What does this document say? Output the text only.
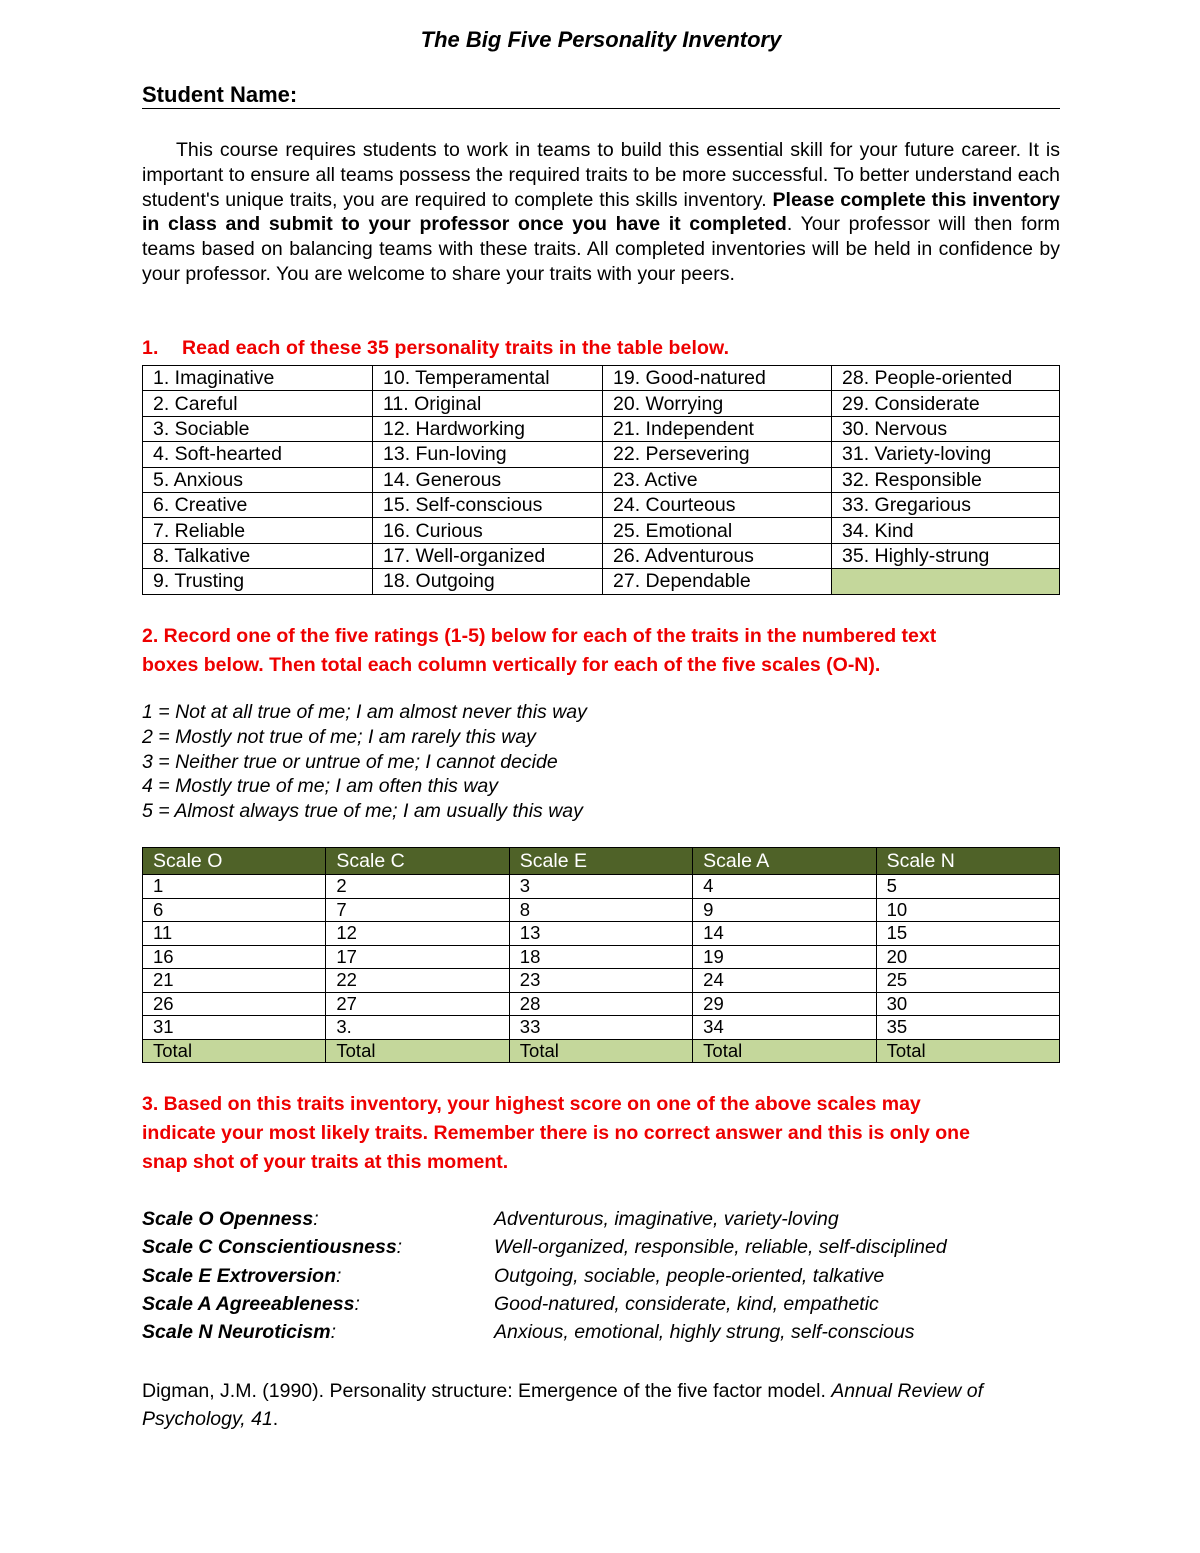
The Big Five Personality Inventory
Student Name:
This course requires students to work in teams to build this essential skill for your future career. It is important to ensure all teams possess the required traits to be more successful. To better understand each student's unique traits, you are required to complete this skills inventory. Please complete this inventory in class and submit to your professor once you have it completed. Your professor will then form teams based on balancing teams with these traits. All completed inventories will be held in confidence by your professor. You are welcome to share your traits with your peers.
1. Read each of these 35 personality traits in the table below.
1. Imaginative	10. Temperamental	19. Good-natured	28. People-oriented
2. Careful	11. Original	20. Worrying	29. Considerate
3. Sociable	12. Hardworking	21. Independent	30. Nervous
4. Soft-hearted	13. Fun-loving	22. Persevering	31. Variety-loving
5. Anxious	14. Generous	23. Active	32. Responsible
6. Creative	15. Self-conscious	24. Courteous	33. Gregarious
7. Reliable	16. Curious	25. Emotional	34. Kind
8. Talkative	17. Well-organized	26. Adventurous	35. Highly-strung
9. Trusting	18. Outgoing	27. Dependable	
2. Record one of the five ratings (1-5) below for each of the traits in the numbered text
boxes below. Then total each column vertically for each of the five scales (O-N).
1 = Not at all true of me; I am almost never this way
2 = Mostly not true of me; I am rarely this way
3 = Neither true or untrue of me; I cannot decide
4 = Mostly true of me; I am often this way
5 = Almost always true of me; I am usually this way
Scale O	Scale C	Scale E	Scale A	Scale N
1	2	3	4	5
6	7	8	9	10
11	12	13	14	15
16	17	18	19	20
21	22	23	24	25
26	27	28	29	30
31	3.	33	34	35
Total	Total	Total	Total	Total
3. Based on this traits inventory, your highest score on one of the above scales may
indicate your most likely traits. Remember there is no correct answer and this is only one
snap shot of your traits at this moment.
Scale O Openness:	Adventurous, imaginative, variety-loving
Scale C Conscientiousness:	Well-organized, responsible, reliable, self-disciplined
Scale E Extroversion:	Outgoing, sociable, people-oriented, talkative
Scale A Agreeableness:	Good-natured, considerate, kind, empathetic
Scale N Neuroticism:	Anxious, emotional, highly strung, self-conscious
Digman, J.M. (1990). Personality structure: Emergence of the five factor model. Annual Review of Psychology, 41.
